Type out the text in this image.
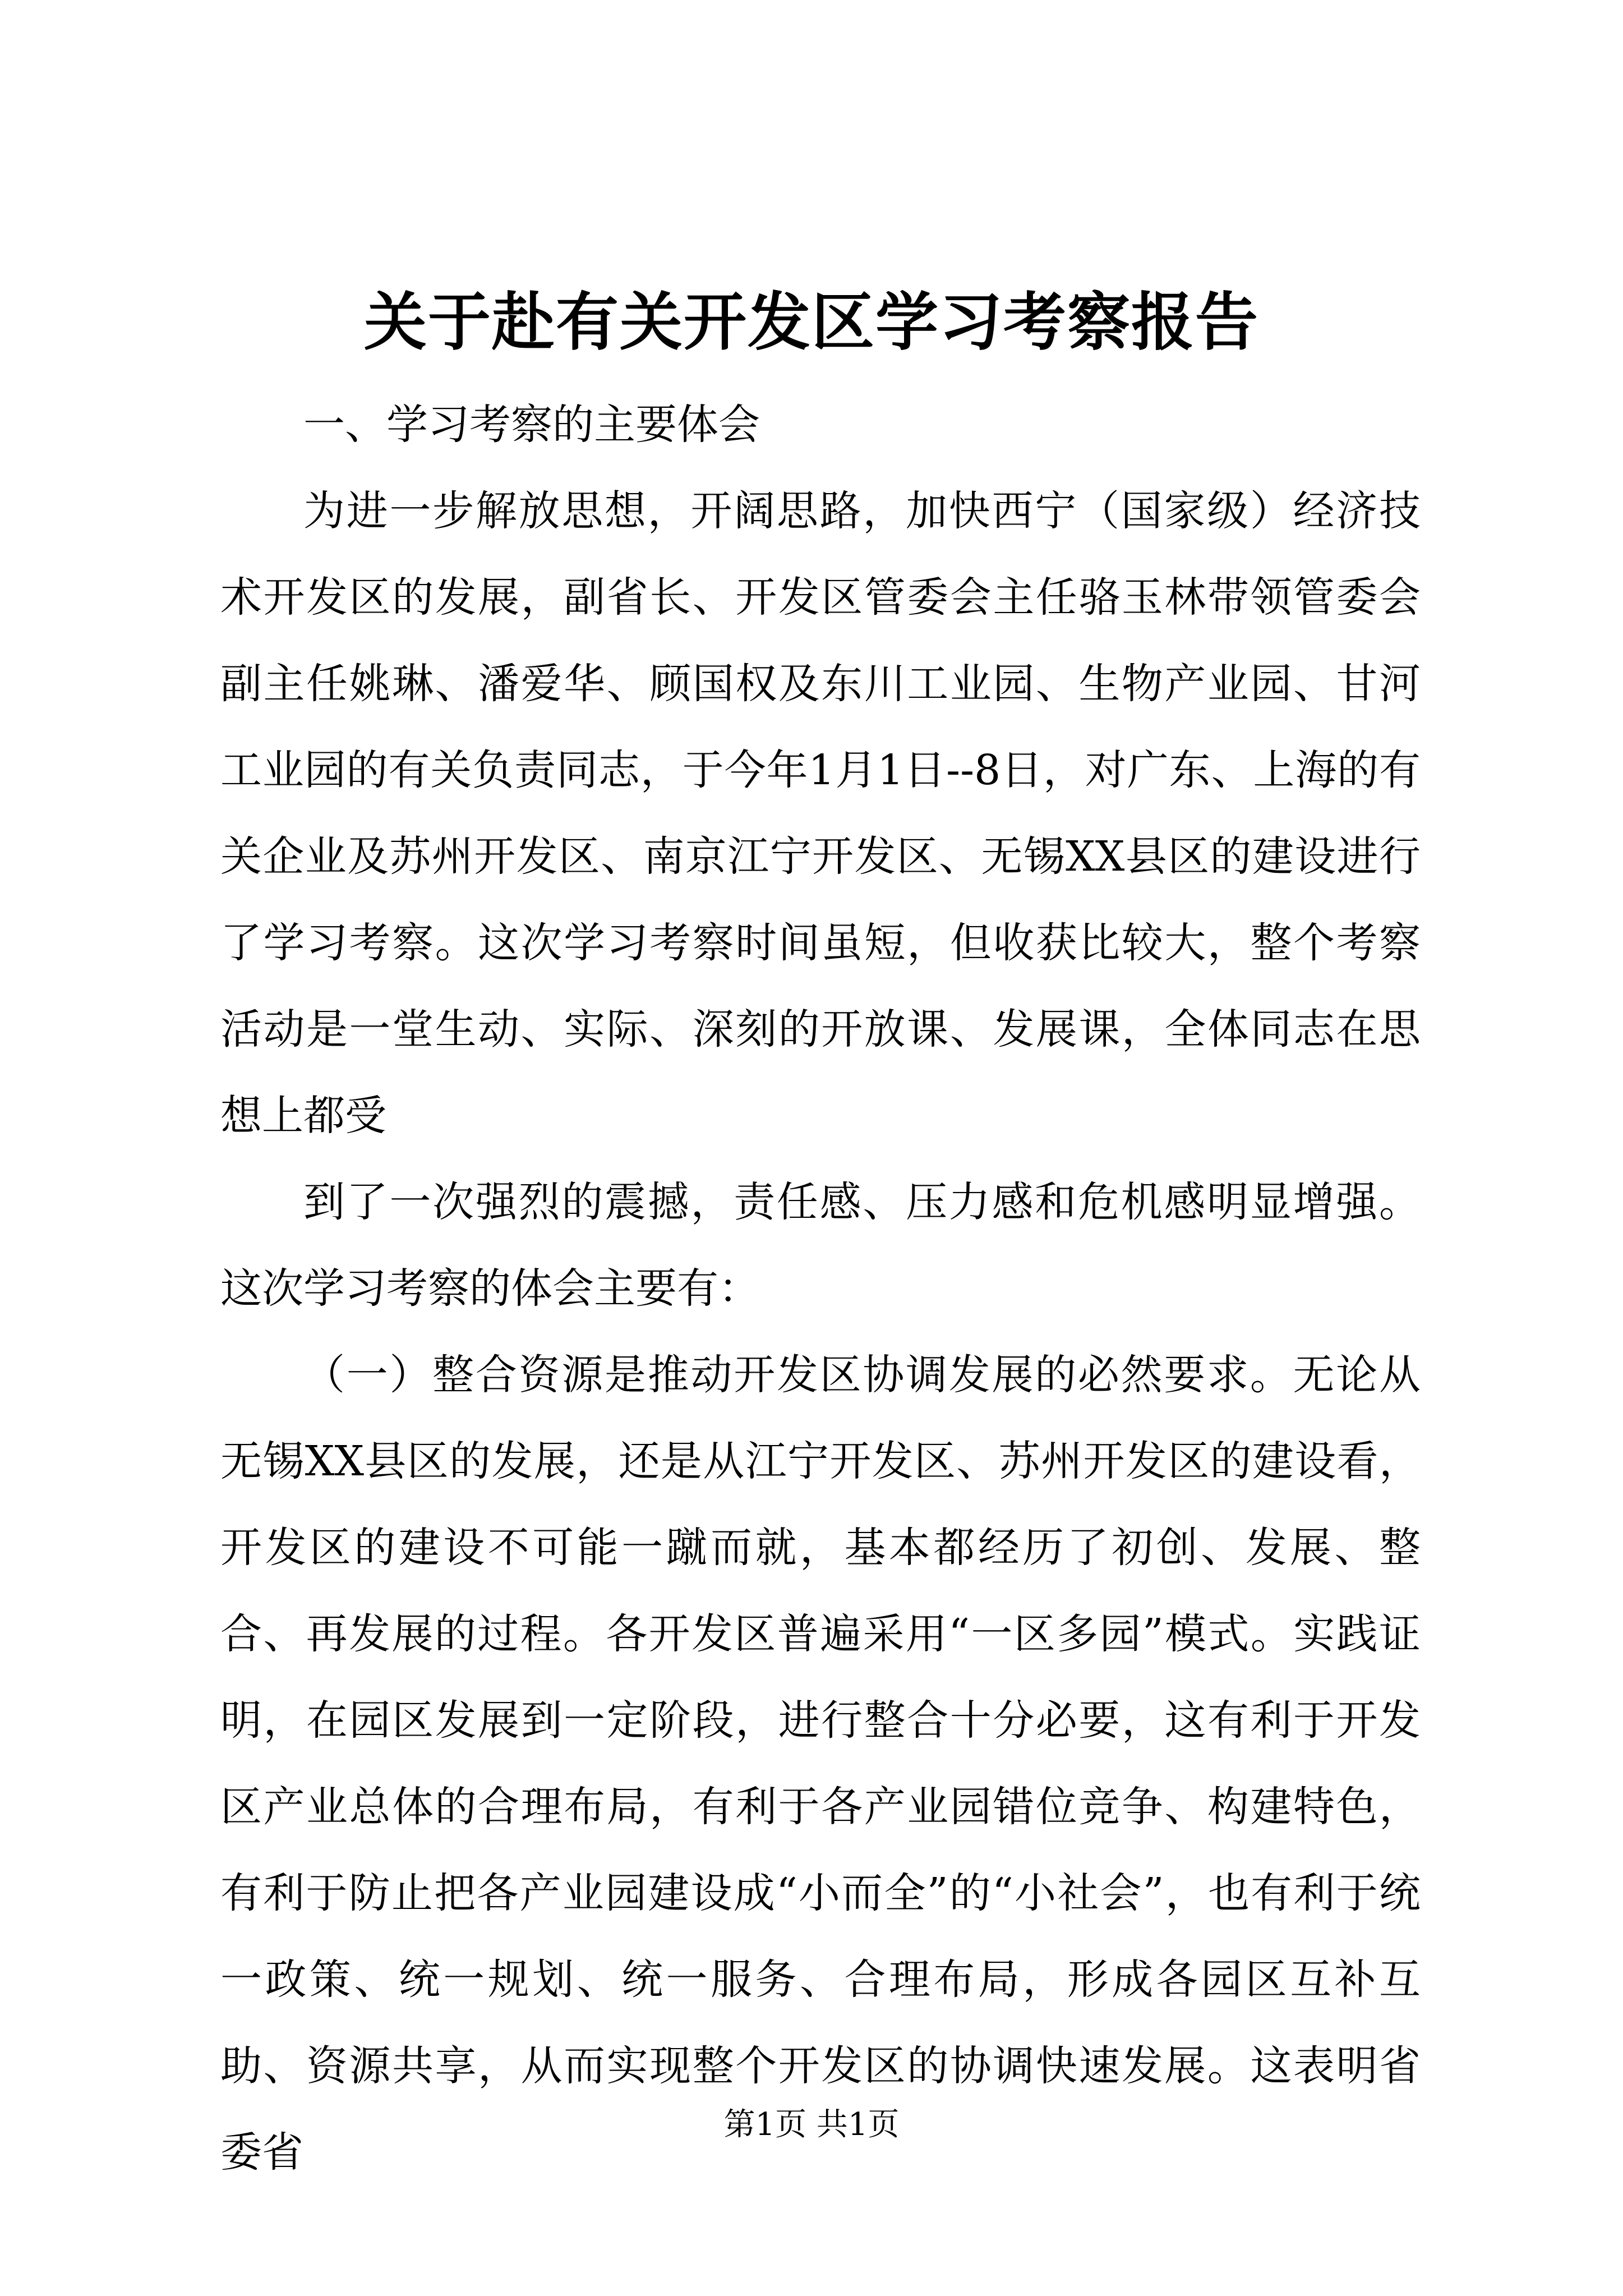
关于赴有关开发区学习考察报告

一、学习考察的主要体会

为进一步解放思想，开阔思路，加快西宁（国家级）经济技术开发区的发展，副省长、开发区管委会主任骆玉林带领管委会副主任姚琳、潘爱华、顾国权及东川工业园、生物产业园、甘河工业园的有关负责同志，于今年1月1日--8日，对广东、上海的有关企业及苏州开发区、南京江宁开发区、无锡XX县区的建设进行了学习考察。这次学习考察时间虽短，但收获比较大，整个考察活动是一堂生动、实际、深刻的开放课、发展课，全体同志在思想上都受

到了一次强烈的震撼，责任感、压力感和危机感明显增强。这次学习考察的体会主要有：

（一）整合资源是推动开发区协调发展的必然要求。无论从无锡XX县区的发展，还是从江宁开发区、苏州开发区的建设看，开发区的建设不可能一蹴而就，基本都经历了初创、发展、整合、再发展的过程。各开发区普遍采用“一区多园”模式。实践证明，在园区发展到一定阶段，进行整合十分必要，这有利于开发区产业总体的合理布局，有利于各产业园错位竞争、构建特色，有利于防止把各产业园建设成“小而全”的“小社会”，也有利于统一政策、统一规划、统一服务、合理布局，形成各园区互补互助、资源共享，从而实现整个开发区的协调快速发展。这表明省委省

第1页 共1页
